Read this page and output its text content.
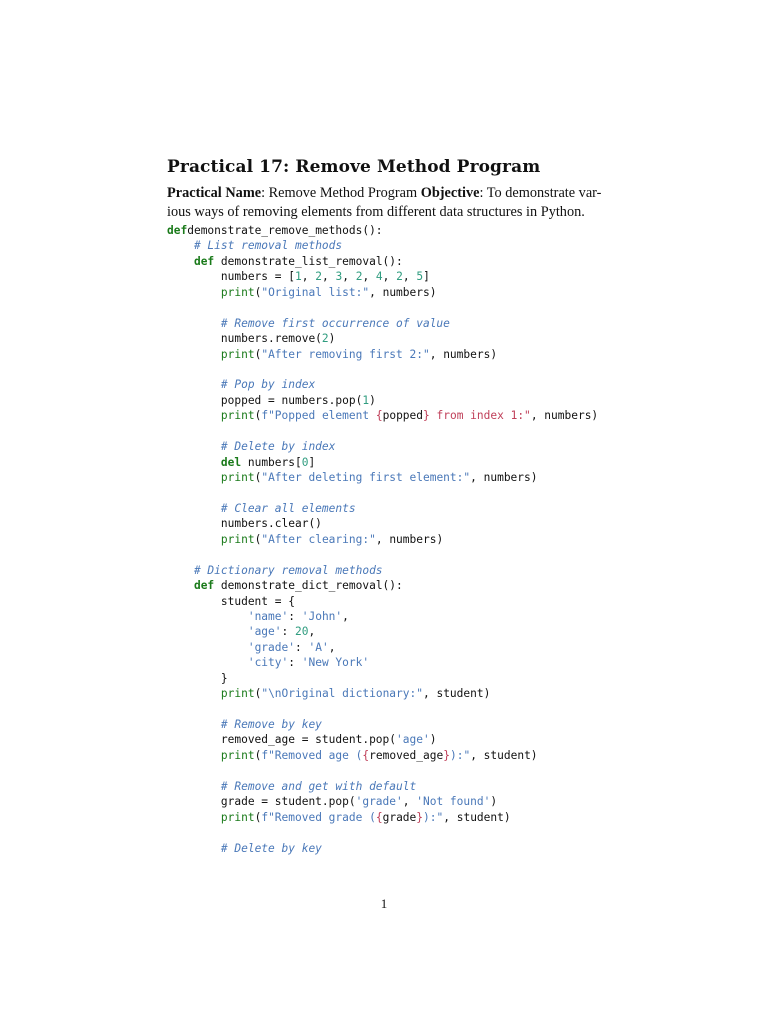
Practical 17: Remove Method Program

Practical Name: Remove Method Program Objective: To demonstrate var-ious ways of removing elements from different data structures in Python.

defdemonstrate_remove_methods():
# List removal methods
def demonstrate_list_removal():
numbers = [1, 2, 3, 2, 4, 2, 5]
print("Original list:", numbers)
# Remove first occurrence of value
numbers.remove(2)
print("After removing first 2:", numbers)
# Pop by index
popped = numbers.pop(1)
print(f"Popped element {popped} from index 1:", numbers)
# Delete by index
del numbers[0]
print("After deleting first element:", numbers)
# Clear all elements
numbers.clear()
print("After clearing:", numbers)
# Dictionary removal methods
def demonstrate_dict_removal():
student = {
'name': 'John',
'age': 20,
'grade': 'A',
'city': 'New York'
}
print("\nOriginal dictionary:", student)
# Remove by key
removed_age = student.pop('age')
print(f"Removed age ({removed_age}):", student)
# Remove and get with default
grade = student.pop('grade', 'Not found')
print(f"Removed grade ({grade}):", student)
# Delete by key
1
